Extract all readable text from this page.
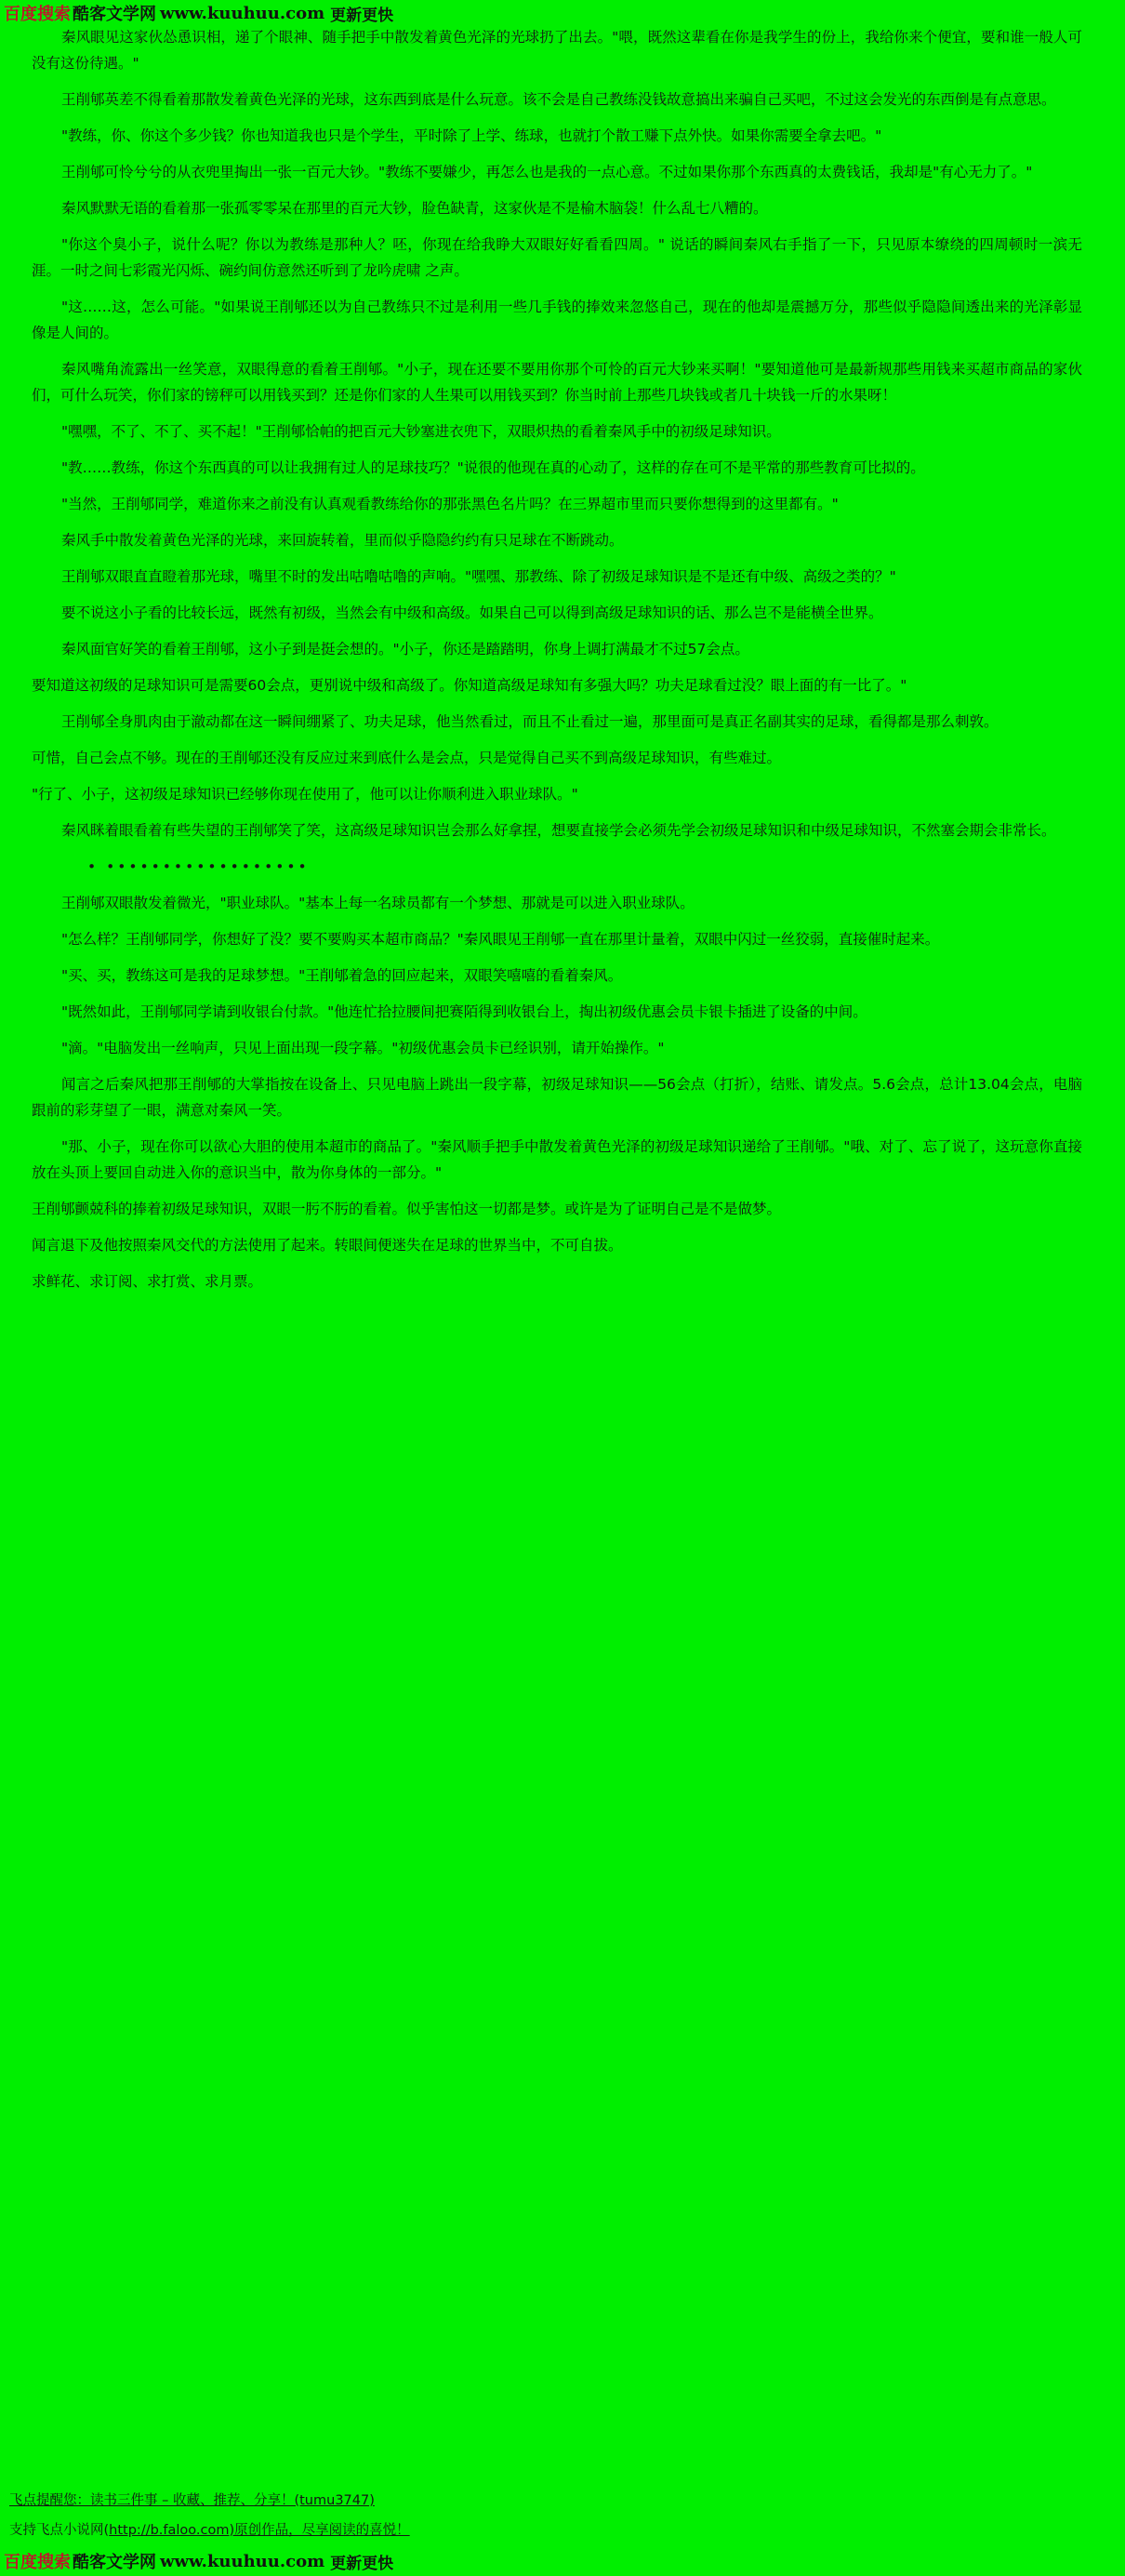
百度搜索 酷客文学网 www.kuuhuu.com 更新更快

秦风眼见这家伙怂恿识相，递了个眼神、随手把手中散发着黄色光泽的光球扔了出去。"喂，既然这辈看在你是我学生的份上，我给你来个便宜，要和谁一般人可没有这份待遇。"

王削郇英差不得看着那散发着黄色光泽的光球，这东西到底是什么玩意。该不会是自己教练没钱故意搞出来骗自己买吧，不过这会发光的东西倒是有点意思。

"教练，你、你这个多少钱？你也知道我也只是个学生，平时除了上学、练球，也就打个散工赚下点外快。如果你需要全拿去吧。"

王削郇可怜兮兮的从衣兜里掏出一张一百元大钞。"教练不要嫌少，再怎么也是我的一点心意。不过如果你那个东西真的太费钱话，我却是"有心无力了。"

秦风默默无语的看着那一张孤零零呆在那里的百元大钞，脸色缺青，这家伙是不是榆木脑袋！什么乱七八糟的。

"你这个臭小子，说什么呢？你以为教练是那种人？呸，你现在给我睁大双眼好好看看四周。" 说话的瞬间秦风右手指了一下，只见原本缭绕的四周顿时一滨无涯。一时之间七彩霞光闪烁、碗约间仿意然还听到了龙吟虎啸 之声。

"这……这，怎么可能。"如果说王削郇还以为自己教练只不过是利用一些几手钱的捧效来忽悠自己，现在的他却是震撼万分，那些似乎隐隐间透出来的光泽彰显像是人间的。

秦风嘴角流露出一丝笑意，双眼得意的看着王削郇。"小子，现在还要不要用你那个可怜的百元大钞来买啊！"要知道他可是最新规那些用钱来买超市商品的家伙们，可什么玩笑，你们家的镑秤可以用钱买到？还是你们家的人生果可以用钱买到？你当时前上那些几块钱或者几十块钱一斤的水果呀！

"嘿嘿，不了、不了、买不起！"王削郇恰帕的把百元大钞塞进衣兜下，双眼炽热的看着秦风手中的初级足球知识。

"教……教练，你这个东西真的可以让我拥有过人的足球技巧？"说很的他现在真的心动了，这样的存在可不是平常的那些教育可比拟的。

"当然，王削郇同学，难道你来之前没有认真观看教练给你的那张黑色名片吗？在三界超市里而只要你想得到的这里都有。"

秦风手中散发着黄色光泽的光球，来回旋转着，里而似乎隐隐约约有只足球在不断跳动。

王削郇双眼直直瞪着那光球，嘴里不时的发出咕噜咕噜的声响。"嘿嘿、那教练、除了初级足球知识是不是还有中级、高级之类的？"

要不说这小子看的比较长远，既然有初级，当然会有中级和高级。如果自己可以得到高级足球知识的话、那么岂不是能横全世界。

秦风面官好笑的看着王削郇，这小子到是挺会想的。"小子，你还是踏踏明，你身上调打满最才不过57会点。

要知道这初级的足球知识可是需要60会点，更别说中级和高级了。你知道高级足球知有多强大吗？功夫足球看过没？眼上面的有一比了。"

王削郇全身肌肉由于澈动都在这一瞬间绷紧了、功夫足球，他当然看过，而且不止看过一遍，那里面可是真正名副其实的足球，看得都是那么刺敦。

可惜，自己会点不够。现在的王削郇还没有反应过来到底什么是会点，只是觉得自己买不到高级足球知识，有些难过。

"行了、小子，这初级足球知识已经够你现在使用了，他可以让你顺利进入职业球队。"

秦风眯着眼看着有些失望的王削郇笑了笑，这高级足球知识岂会那么好拿捏，想要直接学会必须先学会初级足球知识和中级足球知识，不然塞会期会非常长。

• ••••••••••••••••••

王削郇双眼散发着微光，"职业球队。"基本上每一名球员都有一个梦想、那就是可以进入职业球队。

"怎么样？王削郇同学，你想好了没？要不要购买本超市商品？"秦风眼见王削郇一直在那里计量着，双眼中闪过一丝狡弱，直接催时起来。

"买、买，教练这可是我的足球梦想。"王削郇着急的回应起来，双眼笑嘻嘻的看着秦风。

"既然如此，王削郇同学请到收银台付款。"他连忙拾拉腰间把赛陌得到收银台上，掏出初级优惠会员卡银卡插进了设备的中间。

"滴。"电脑发出一丝响声，只见上面出现一段字幕。"初级优惠会员卡已经识别，请开始操作。"

闻言之后秦风把那王削郇的大掌指按在设备上、只见电脑上跳出一段字幕，初级足球知识——56会点（打折），结账、请发点。5.6会点，总计13.04会点，电脑跟前的彩芽望了一眼，满意对秦风一笑。

"那、小子，现在你可以欲心大胆的使用本超市的商品了。"秦风顺手把手中散发着黄色光泽的初级足球知识递给了王削郇。"哦、对了、忘了说了，这玩意你直接放在头顶上要回自动进入你的意识当中，散为你身体的一部分。"

王削郇颤兢科的捧着初级足球知识，双眼一肟不肟的看着。似乎害怕这一切都是梦。或许是为了证明自己是不是做梦。

闻言退下及他按照秦风交代的方法使用了起来。转眼间便迷失在足球的世界当中，不可自拔。

求鲜花、求订阅、求打赏、求月票。

飞点提醒您：读书三件事 – 收藏、推荐、分享！(tumu3747)
支持飞点小说网(http://b.faloo.com)原创作品，尽享阅读的喜悦！
百度搜索 酷客文学网 www.kuuhuu.com 更新更快
